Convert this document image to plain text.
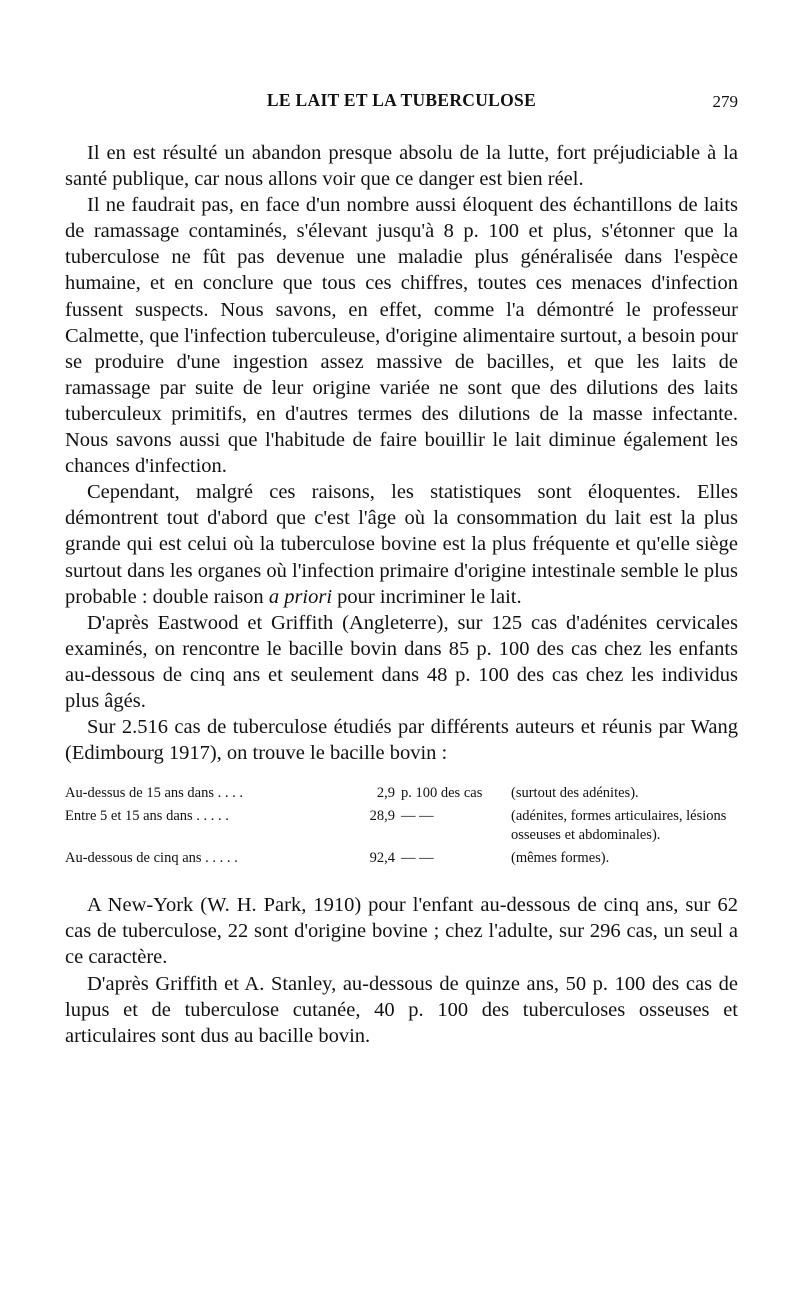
LE LAIT ET LA TUBERCULOSE	279

Il en est résulté un abandon presque absolu de la lutte, fort préjudiciable à la santé publique, car nous allons voir que ce danger est bien réel.

Il ne faudrait pas, en face d'un nombre aussi éloquent des échantillons de laits de ramassage contaminés, s'élevant jusqu'à 8 p. 100 et plus, s'étonner que la tuberculose ne fût pas devenue une maladie plus généralisée dans l'espèce humaine, et en conclure que tous ces chiffres, toutes ces menaces d'infection fussent suspects. Nous savons, en effet, comme l'a démontré le professeur Calmette, que l'infection tuberculeuse, d'origine alimentaire surtout, a besoin pour se produire d'une ingestion assez massive de bacilles, et que les laits de ramassage par suite de leur origine variée ne sont que des dilutions des laits tuberculeux primitifs, en d'autres termes des dilutions de la masse infectante. Nous savons aussi que l'habitude de faire bouillir le lait diminue également les chances d'infection.

Cependant, malgré ces raisons, les statistiques sont éloquentes. Elles démontrent tout d'abord que c'est l'âge où la consommation du lait est la plus grande qui est celui où la tuberculose bovine est la plus fréquente et qu'elle siège surtout dans les organes où l'infection primaire d'origine intestinale semble le plus probable : double raison a priori pour incriminer le lait.

D'après Eastwood et Griffith (Angleterre), sur 125 cas d'adénites cervicales examinés, on rencontre le bacille bovin dans 85 p. 100 des cas chez les enfants au-dessous de cinq ans et seulement dans 48 p. 100 des cas chez les individus plus âgés.

Sur 2.516 cas de tuberculose étudiés par différents auteurs et réunis par Wang (Edimbourg 1917), on trouve le bacille bovin :

Au-dessus de 15 ans dans . . . .	2,9 p. 100 des cas	(surtout des adénites).
Entre 5 et 15 ans dans . . . . .	28,9 — —	(adénites, formes articulaires, lésions osseuses et abdominales).
Au-dessous de cinq ans . . . . .	92,4 — —	(mêmes formes).

A New-York (W. H. Park, 1910) pour l'enfant au-dessous de cinq ans, sur 62 cas de tuberculose, 22 sont d'origine bovine ; chez l'adulte, sur 296 cas, un seul a ce caractère.

D'après Griffith et A. Stanley, au-dessous de quinze ans, 50 p. 100 des cas de lupus et de tuberculose cutanée, 40 p. 100 des tuberculoses osseuses et articulaires sont dus au bacille bovin.
